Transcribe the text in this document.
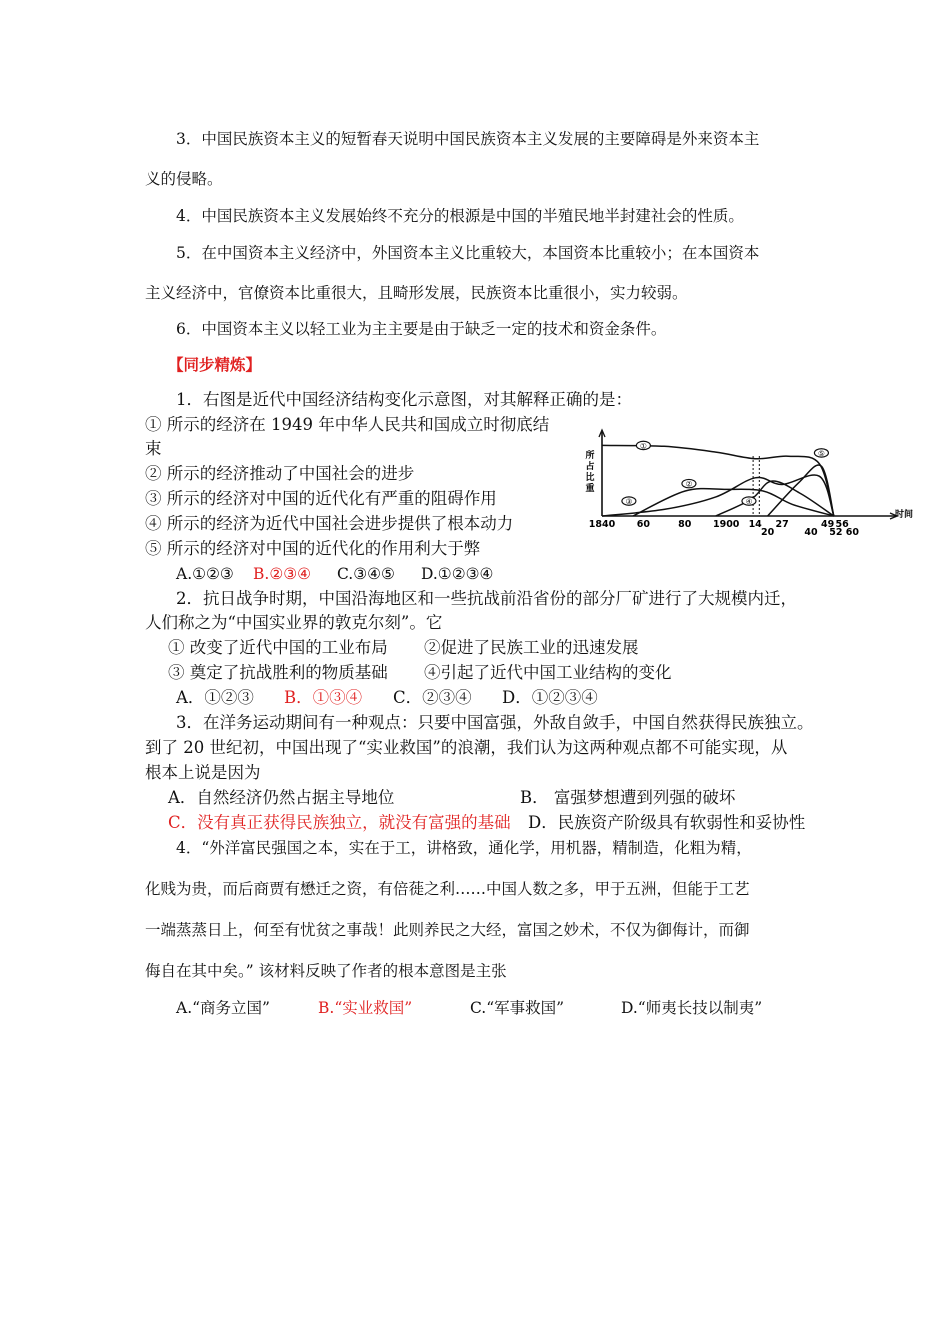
3．中国民族资本主义的短暂春天说明中国民族资本主义发展的主要障碍是外来资本主
义的侵略。
4．中国民族资本主义发展始终不充分的根源是中国的半殖民地半封建社会的性质。
5．在中国资本主义经济中，外国资本主义比重较大，本国资本比重较小；在本国资本
主义经济中，官僚资本比重很大，且畸形发展，民族资本比重很小，实力较弱。
6．中国资本主义以轻工业为主主要是由于缺乏一定的技术和资金条件。
【同步精炼】
1．右图是近代中国经济结构变化示意图，对其解释正确的是：
① 所示的经济在 1949 年中华人民共和国成立时彻底结
束
② 所示的经济推动了中国社会的进步
③ 所示的经济对中国的近代化有严重的阻碍作用
④ 所示的经济为近代中国社会进步提供了根本动力
⑤ 所示的经济对中国的近代化的作用利大于弊
A.①②③ B.②③④ C.③④⑤ D.①②③④
所
占
比
重
时间
1840 60	80 1900 14 27	49 56
20	40 52 60
①
②
③	④
⑤
2．抗日战争时期，中国沿海地区和一些抗战前沿省份的部分厂矿进行了大规模内迁，
人们称之为“中国实业界的敦克尔刻”。它
① 改变了近代中国的工业布局 ②促进了民族工业的迅速发展
③ 奠定了抗战胜利的物质基础 ④引起了近代中国工业结构的变化
A．①②③ B．①③④ C．②③④ D．①②③④
3．在洋务运动期间有一种观点：只要中国富强，外敌自敛手，中国自然获得民族独立。
到了 20 世纪初，中国出现了“实业救国”的浪潮，我们认为这两种观点都不可能实现，从
根本上说是因为
A．自然经济仍然占据主导地位	B． 富强梦想遭到列强的破坏
C．没有真正获得民族独立，就没有富强的基础 D．民族资产阶级具有软弱性和妥协性
4．“外洋富民强国之本，实在于工，讲格致，通化学，用机器，精制造，化粗为精，
化贱为贵，而后商贾有懋迁之资，有倍蓰之利……中国人数之多，甲于五洲，但能于工艺
一端蒸蒸日上，何至有忧贫之事哉！此则养民之大经，富国之妙术，不仅为御侮计，而御
侮自在其中矣。” 该材料反映了作者的根本意图是主张
A.“商务立国”	B.“实业救国”	C.“军事救国”	D.“师夷长技以制夷”
